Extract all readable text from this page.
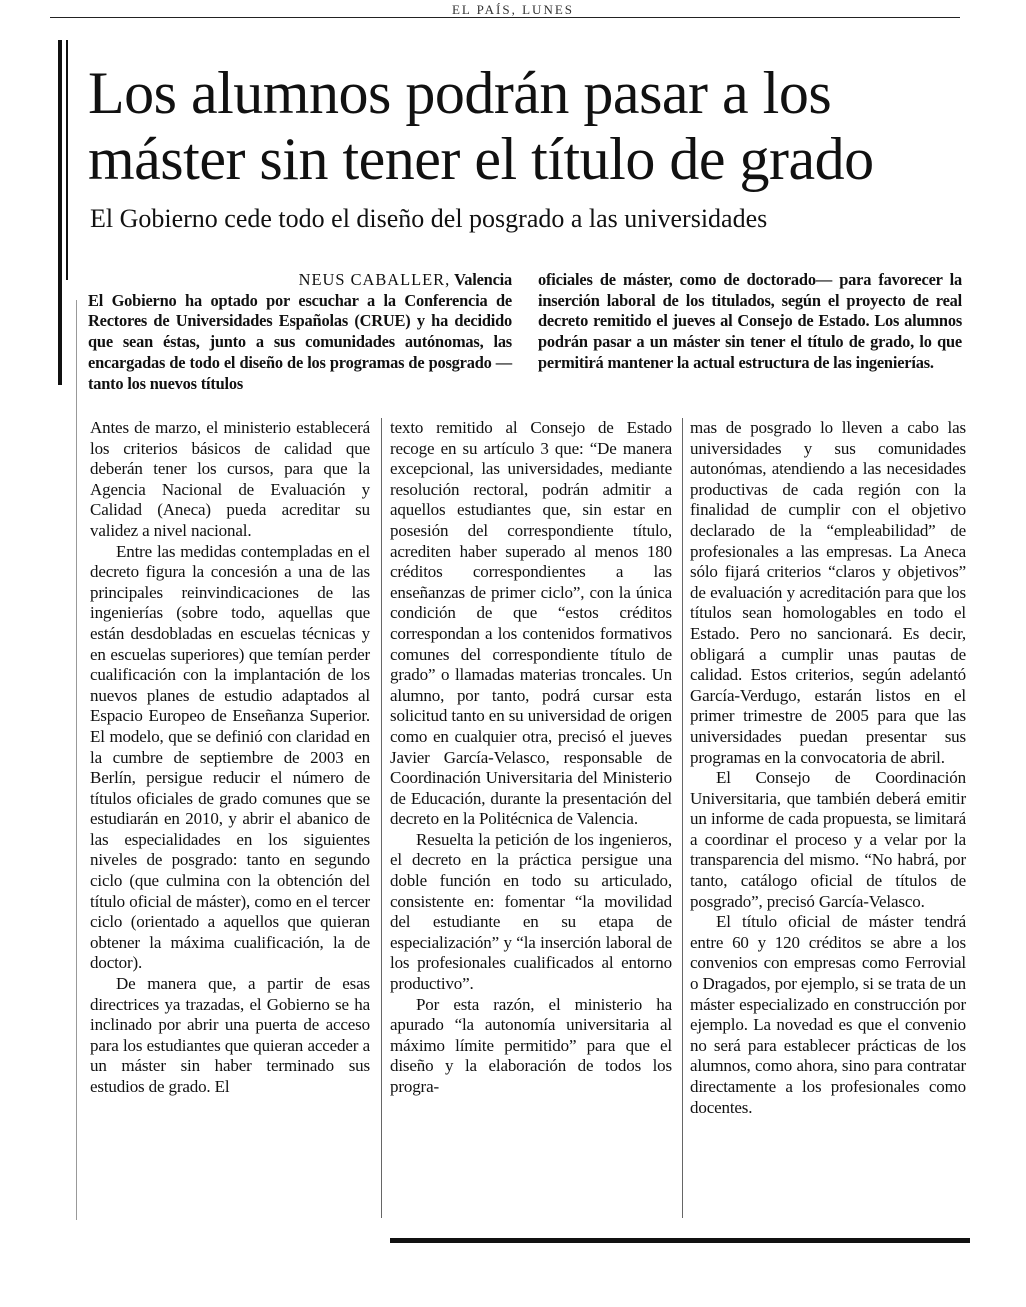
EL PAÍS, LUNES
Los alumnos podrán pasar a los máster sin tener el título de grado
El Gobierno cede todo el diseño del posgrado a las universidades

NEUS CABALLER, Valencia

El Gobierno ha optado por escuchar a la Conferencia de Rectores de Universidades Españolas (CRUE) y ha decidido que sean éstas, junto a sus comunidades autónomas, las encargadas de todo el diseño de los programas de posgrado —tanto los nuevos títulos

oficiales de máster, como de doctorado— para favorecer la inserción laboral de los titulados, según el proyecto de real decreto remitido el jueves al Consejo de Estado. Los alumnos podrán pasar a un máster sin tener el título de grado, lo que permitirá mantener la actual estructura de las ingenierías.

Antes de marzo, el ministerio establecerá los criterios básicos de calidad que deberán tener los cursos, para que la Agencia Nacional de Evaluación y Calidad (Aneca) pueda acreditar su validez a nivel nacional.

Entre las medidas contempladas en el decreto figura la concesión a una de las principales reinvindicaciones de las ingenierías (sobre todo, aquellas que están desdobladas en escuelas técnicas y en escuelas superiores) que temían perder cualificación con la implantación de los nuevos planes de estudio adaptados al Espacio Europeo de Enseñanza Superior. El modelo, que se definió con claridad en la cumbre de septiembre de 2003 en Berlín, persigue reducir el número de títulos oficiales de grado comunes que se estudiarán en 2010, y abrir el abanico de las especialidades en los siguientes niveles de posgrado: tanto en segundo ciclo (que culmina con la obtención del título oficial de máster), como en el tercer ciclo (orientado a aquellos que quieran obtener la máxima cualificación, la de doctor).

De manera que, a partir de esas directrices ya trazadas, el Gobierno se ha inclinado por abrir una puerta de acceso para los estudiantes que quieran acceder a un máster sin haber terminado sus estudios de grado. El

texto remitido al Consejo de Estado recoge en su artículo 3 que: “De manera excepcional, las universidades, mediante resolución rectoral, podrán admitir a aquellos estudiantes que, sin estar en posesión del correspondiente título, acrediten haber superado al menos 180 créditos correspondientes a las enseñanzas de primer ciclo”, con la única condición de que “estos créditos correspondan a los contenidos formativos comunes del correspondiente título de grado” o llamadas materias troncales. Un alumno, por tanto, podrá cursar esta solicitud tanto en su universidad de origen como en cualquier otra, precisó el jueves Javier García-Velasco, responsable de Coordinación Universitaria del Ministerio de Educación, durante la presentación del decreto en la Politécnica de Valencia.

Resuelta la petición de los ingenieros, el decreto en la práctica persigue una doble función en todo su articulado, consistente en: fomentar “la movilidad del estudiante en su etapa de especialización” y “la inserción laboral de los profesionales cualificados al entorno productivo”.

Por esta razón, el ministerio ha apurado “la autonomía universitaria al máximo límite permitido” para que el diseño y la elaboración de todos los progra-

mas de posgrado lo lleven a cabo las universidades y sus comunidades autonómas, atendiendo a las necesidades productivas de cada región con la finalidad de cumplir con el objetivo declarado de la “empleabilidad” de profesionales a las empresas. La Aneca sólo fijará criterios “claros y objetivos” de evaluación y acreditación para que los títulos sean homologables en todo el Estado. Pero no sancionará. Es decir, obligará a cumplir unas pautas de calidad. Estos criterios, según adelantó García-Verdugo, estarán listos en el primer trimestre de 2005 para que las universidades puedan presentar sus programas en la convocatoria de abril.

El Consejo de Coordinación Universitaria, que también deberá emitir un informe de cada propuesta, se limitará a coordinar el proceso y a velar por la transparencia del mismo. “No habrá, por tanto, catálogo oficial de títulos de posgrado”, precisó García-Velasco.

El título oficial de máster tendrá entre 60 y 120 créditos se abre a los convenios con empresas como Ferrovial o Dragados, por ejemplo, si se trata de un máster especializado en construcción por ejemplo. La novedad es que el convenio no será para establecer prácticas de los alumnos, como ahora, sino para contratar directamente a los profesionales como docentes.
